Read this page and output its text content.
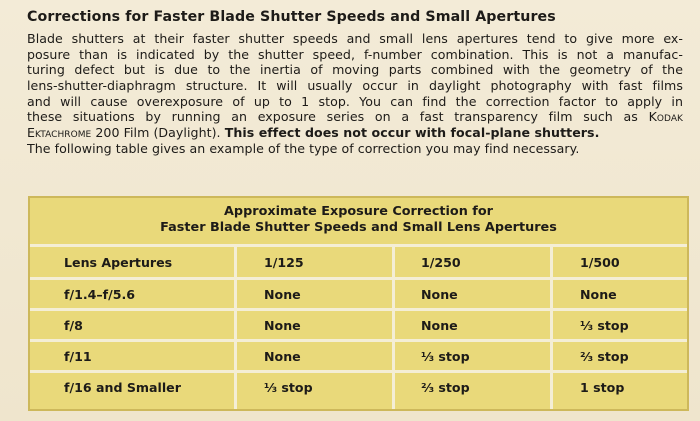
Corrections for Faster Blade Shutter Speeds and Small Apertures
Blade shutters at their faster shutter speeds and small lens apertures tend to give more ex-
posure than is indicated by the shutter speed, f-number combination. This is not a manufac-
turing defect but is due to the inertia of moving parts combined with the geometry of the
lens-shutter-diaphragm structure. It will usually occur in daylight photography with fast films
and will cause overexposure of up to 1 stop. You can find the correction factor to apply in
these situations by running an exposure series on a fast transparency film such as Kodak
Ektachrome 200 Film (Daylight). This effect does not occur with focal-plane shutters.
The following table gives an example of the type of correction you may find necessary.
Approximate Exposure Correction for
Faster Blade Shutter Speeds and Small Lens Apertures
Lens Apertures	1/125	1/250	1/500
f/1.4–f/5.6	None	None	None
f/8	None	None	⅓ stop
f/11	None	⅓ stop	⅔ stop
f/16 and Smaller	⅓ stop	⅔ stop	1 stop
